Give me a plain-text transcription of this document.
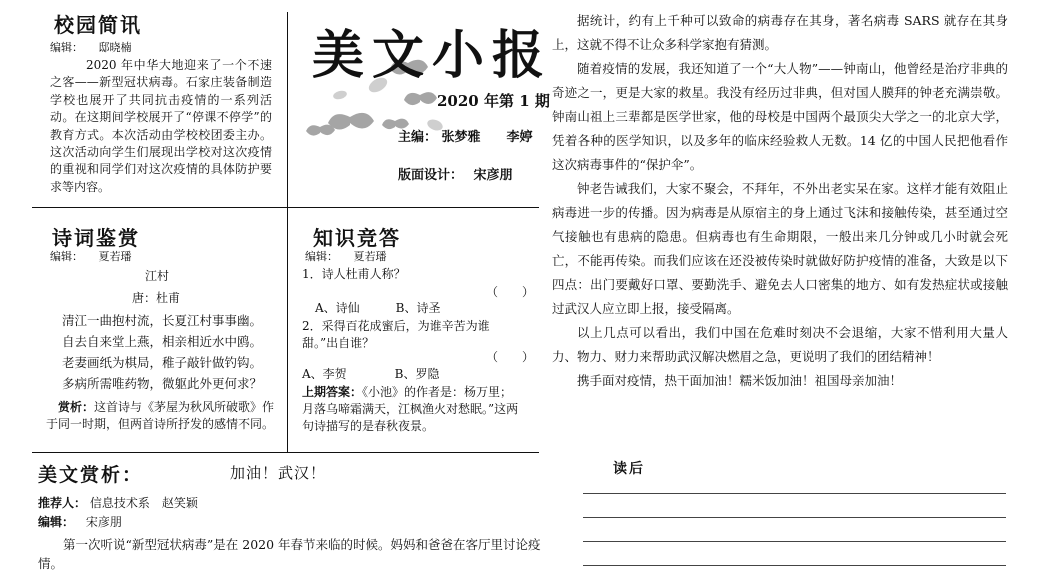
校园简讯
编辑： 邸晓楠
2020 年中华大地迎来了一个不速之客——新型冠状病毒。石家庄装备制造学校也展开了共同抗击疫情的一系列活动。在这期间学校展开了“停课不停学”的教育方式。本次活动由学校校团委主办。这次活动向学生们展现出学校对这次疫情的重视和同学们对这次疫情的具体防护要求等内容。
美文小报
2020 年第 1 期
主编： 张梦雅　　李婷
版面设计： 宋彦朋
诗词鉴赏
编辑： 夏若璠
江村
唐：杜甫
清江一曲抱村流，长夏江村事事幽。
自去自来堂上燕，相亲相近水中鸥。
老妻画纸为棋局，稚子敲针做钓钩。
多病所需唯药物，微躯此外更何求？
赏析：这首诗与《茅屋为秋风所破歌》作于同一时期，但两首诗所抒发的感情不同。
知识竞答
编辑： 夏若璠
1．诗人杜甫人称？
（　　）
A、诗仙　　　B、诗圣
2．采得百花成蜜后，为谁辛苦为谁甜。”出自谁？
（　　）
A、李贺　　　　B、罗隐
上期答案：《小池》的作者是：杨万里；月落乌啼霜满天，江枫渔火对愁眠。”这两句诗描写的是春秋夜景。
美文赏析：	加油！武汉！
推荐人： 信息技术系　赵笑颖
编辑： 宋彦朋
第一次听说“新型冠状病毒”是在 2020 年春节来临的时候。妈妈和爸爸在客厅里讨论疫情。

据统计，约有上千种可以致命的病毒存在其身，著名病毒 SARS 就存在其身上，这就不得不让众多科学家抱有猜测。

随着疫情的发展，我还知道了一个“大人物”——钟南山，他曾经是治疗非典的奇迹之一，更是大家的救星。我没有经历过非典，但对国人膜拜的钟老充满崇敬。钟南山祖上三辈都是医学世家，他的母校是中国两个最顶尖大学之一的北京大学，凭着各种的医学知识，以及多年的临床经验救人无数。14 亿的中国人民把他看作这次病毒事件的“保护伞”。

钟老告诫我们，大家不聚会，不拜年，不外出老实呆在家。这样才能有效阻止病毒进一步的传播。因为病毒是从原宿主的身上通过飞沫和接触传染，甚至通过空气接触也有患病的隐患。但病毒也有生命期限，一般出来几分钟或几小时就会死亡，不能再传染。而我们应该在还没被传染时就做好防护疫情的准备，大致是以下四点：出门要戴好口罩、要勤洗手、避免去人口密集的地方、如有发热症状或接触过武汉人应立即上报，接受隔离。

以上几点可以看出，我们中国在危难时刻决不会退缩，大家不惜利用大量人力、物力、财力来帮助武汉解决燃眉之急，更说明了我们的团结精神！

携手面对疫情，热干面加油！糯米饭加油！祖国母亲加油！

读后
